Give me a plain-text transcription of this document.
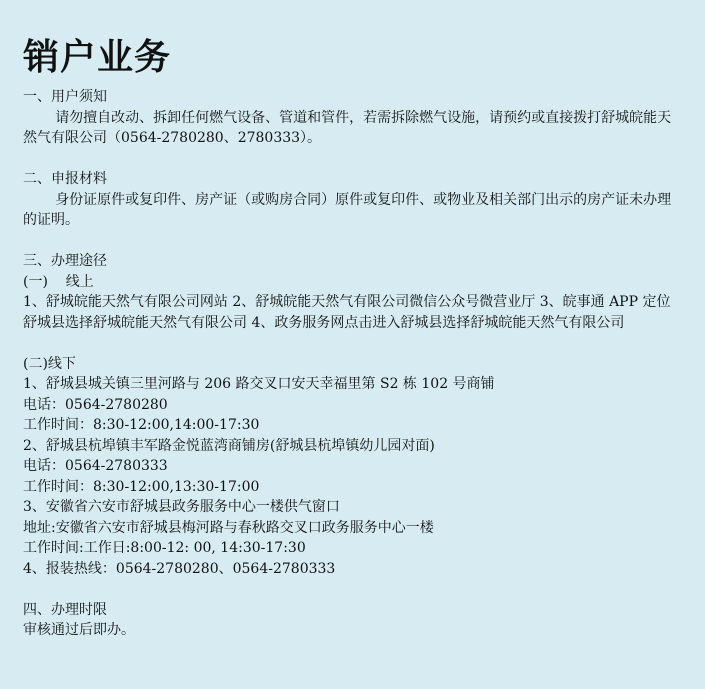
销户业务
一、用户须知
请勿擅自改动、拆卸任何燃气设备、管道和管件，若需拆除燃气设施，请预约或直接拨打舒城皖能天然气有限公司（0564-2780280、2780333）。
二、申报材料
身份证原件或复印件、房产证（或购房合同）原件或复印件、或物业及相关部门出示的房产证未办理的证明。
三、办理途径
(一)    线上
1、舒城皖能天然气有限公司网站 2、舒城皖能天然气有限公司微信公众号微营业厅 3、皖事通 APP 定位舒城县选择舒城皖能天然气有限公司 4、政务服务网点击进入舒城县选择舒城皖能天然气有限公司
(二)线下
1、舒城县城关镇三里河路与 206 路交叉口安天幸福里第 S2 栋 102 号商铺
电话：0564-2780280
工作时间：8:30-12:00,14:00-17:30
2、舒城县杭埠镇丰军路金悦蓝湾商铺房(舒城县杭埠镇幼儿园对面)
电话：0564-2780333
工作时间：8:30-12:00,13:30-17:00
3、安徽省六安市舒城县政务服务中心一楼供气窗口
地址:安徽省六安市舒城县梅河路与春秋路交叉口政务服务中心一楼
工作时间:工作日:8:00-12: 00, 14:30-17:30
4、报装热线：0564-2780280、0564-2780333
四、办理时限
审核通过后即办。
